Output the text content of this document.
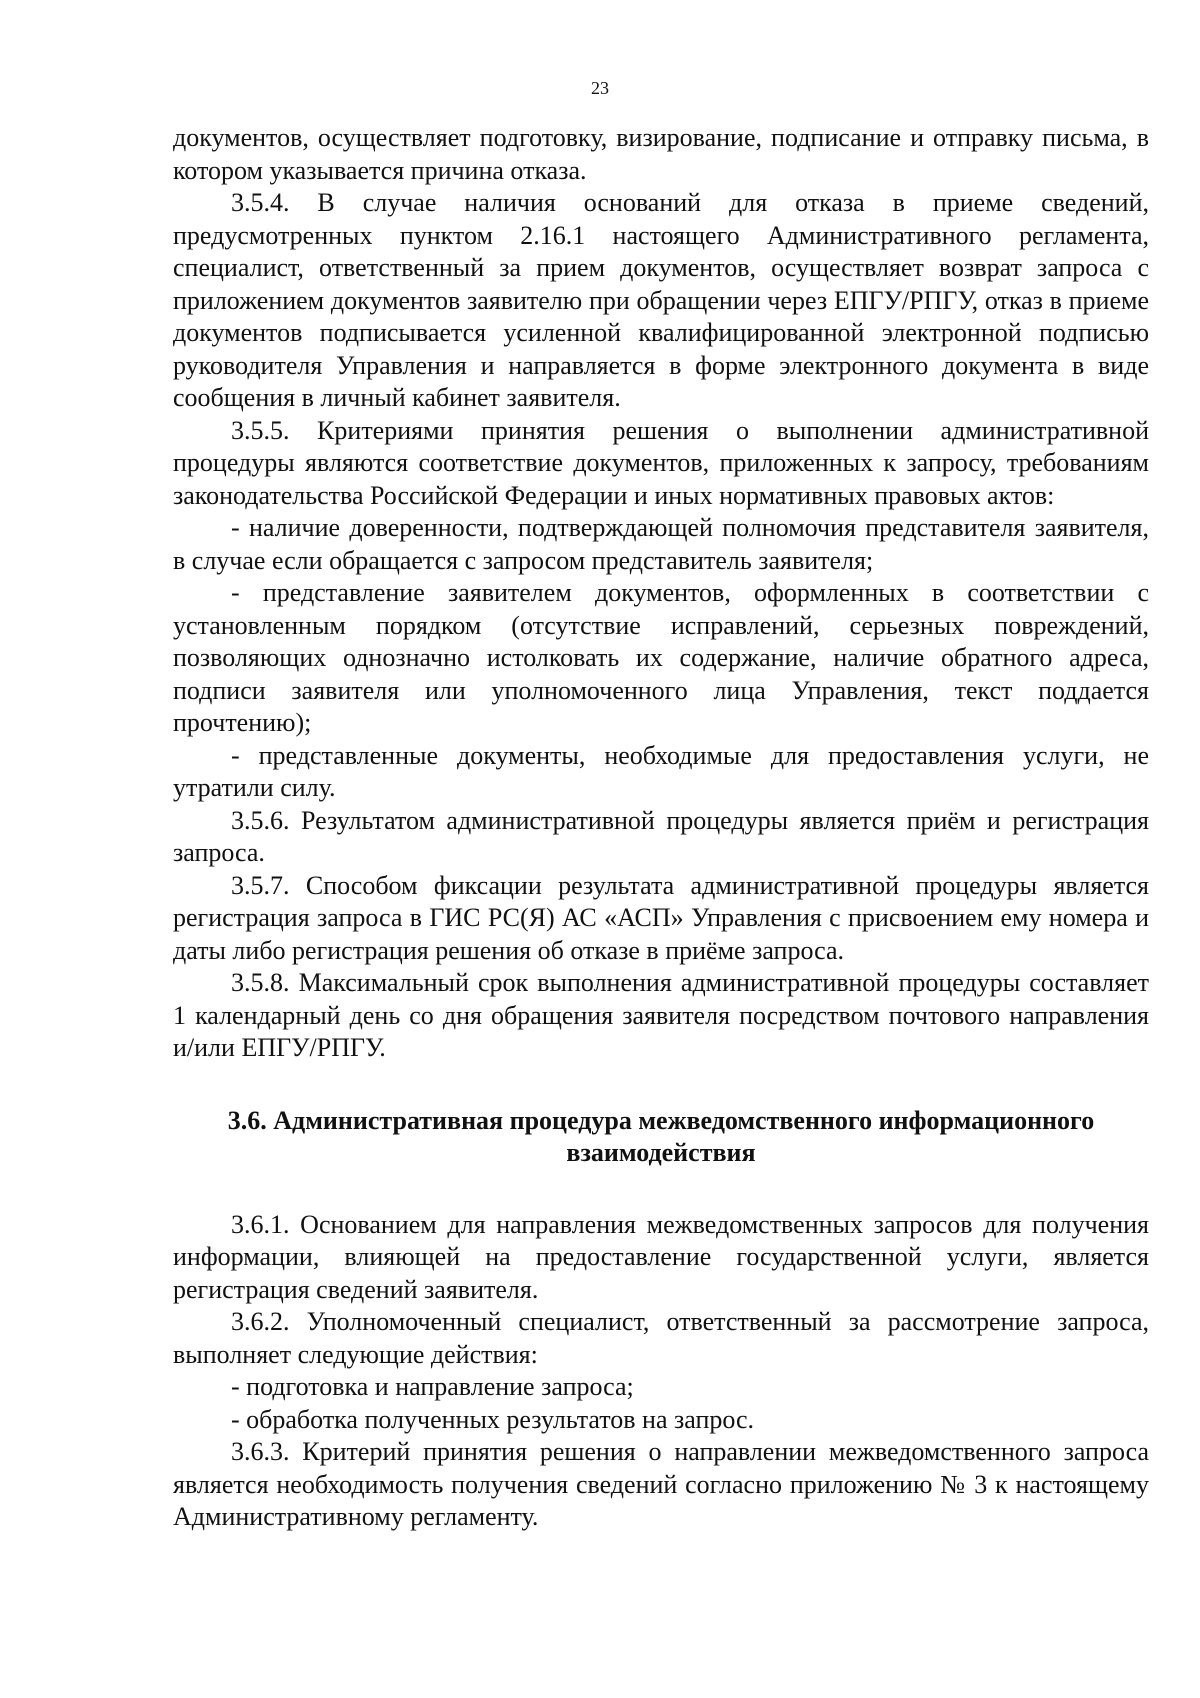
23

документов, осуществляет подготовку, визирование, подписание и отправку письма, в котором указывается причина отказа.

3.5.4. В случае наличия оснований для отказа в приеме сведений, предусмотренных пунктом 2.16.1 настоящего Административного регламента, специалист, ответственный за прием документов, осуществляет возврат запроса с приложением документов заявителю при обращении через ЕПГУ/РПГУ, отказ в приеме документов подписывается усиленной квалифицированной электронной подписью руководителя Управления и направляется в форме электронного документа в виде сообщения в личный кабинет заявителя.

3.5.5. Критериями принятия решения о выполнении административной процедуры являются соответствие документов, приложенных к запросу, требованиям законодательства Российской Федерации и иных нормативных правовых актов:

- наличие доверенности, подтверждающей полномочия представителя заявителя, в случае если обращается с запросом представитель заявителя;

- представление заявителем документов, оформленных в соответствии с установленным порядком (отсутствие исправлений, серьезных повреждений, позволяющих однозначно истолковать их содержание, наличие обратного адреса, подписи заявителя или уполномоченного лица Управления, текст поддается прочтению);

- представленные документы, необходимые для предоставления услуги, не утратили силу.

3.5.6. Результатом административной процедуры является приём и регистрация запроса.

3.5.7. Способом фиксации результата административной процедуры является регистрация запроса в ГИС РС(Я) АС «АСП» Управления с присвоением ему номера и даты либо регистрация решения об отказе в приёме запроса.

3.5.8. Максимальный срок выполнения административной процедуры составляет 1 календарный день со дня обращения заявителя посредством почтового направления и/или ЕПГУ/РПГУ.

3.6. Административная процедура межведомственного информационного
взаимодействия

3.6.1. Основанием для направления межведомственных запросов для получения информации, влияющей на предоставление государственной услуги, является регистрация сведений заявителя.

3.6.2. Уполномоченный специалист, ответственный за рассмотрение запроса, выполняет следующие действия:

- подготовка и направление запроса;

- обработка полученных результатов на запрос.

3.6.3. Критерий принятия решения о направлении межведомственного запроса является необходимость получения сведений согласно приложению № 3 к настоящему Административному регламенту.
